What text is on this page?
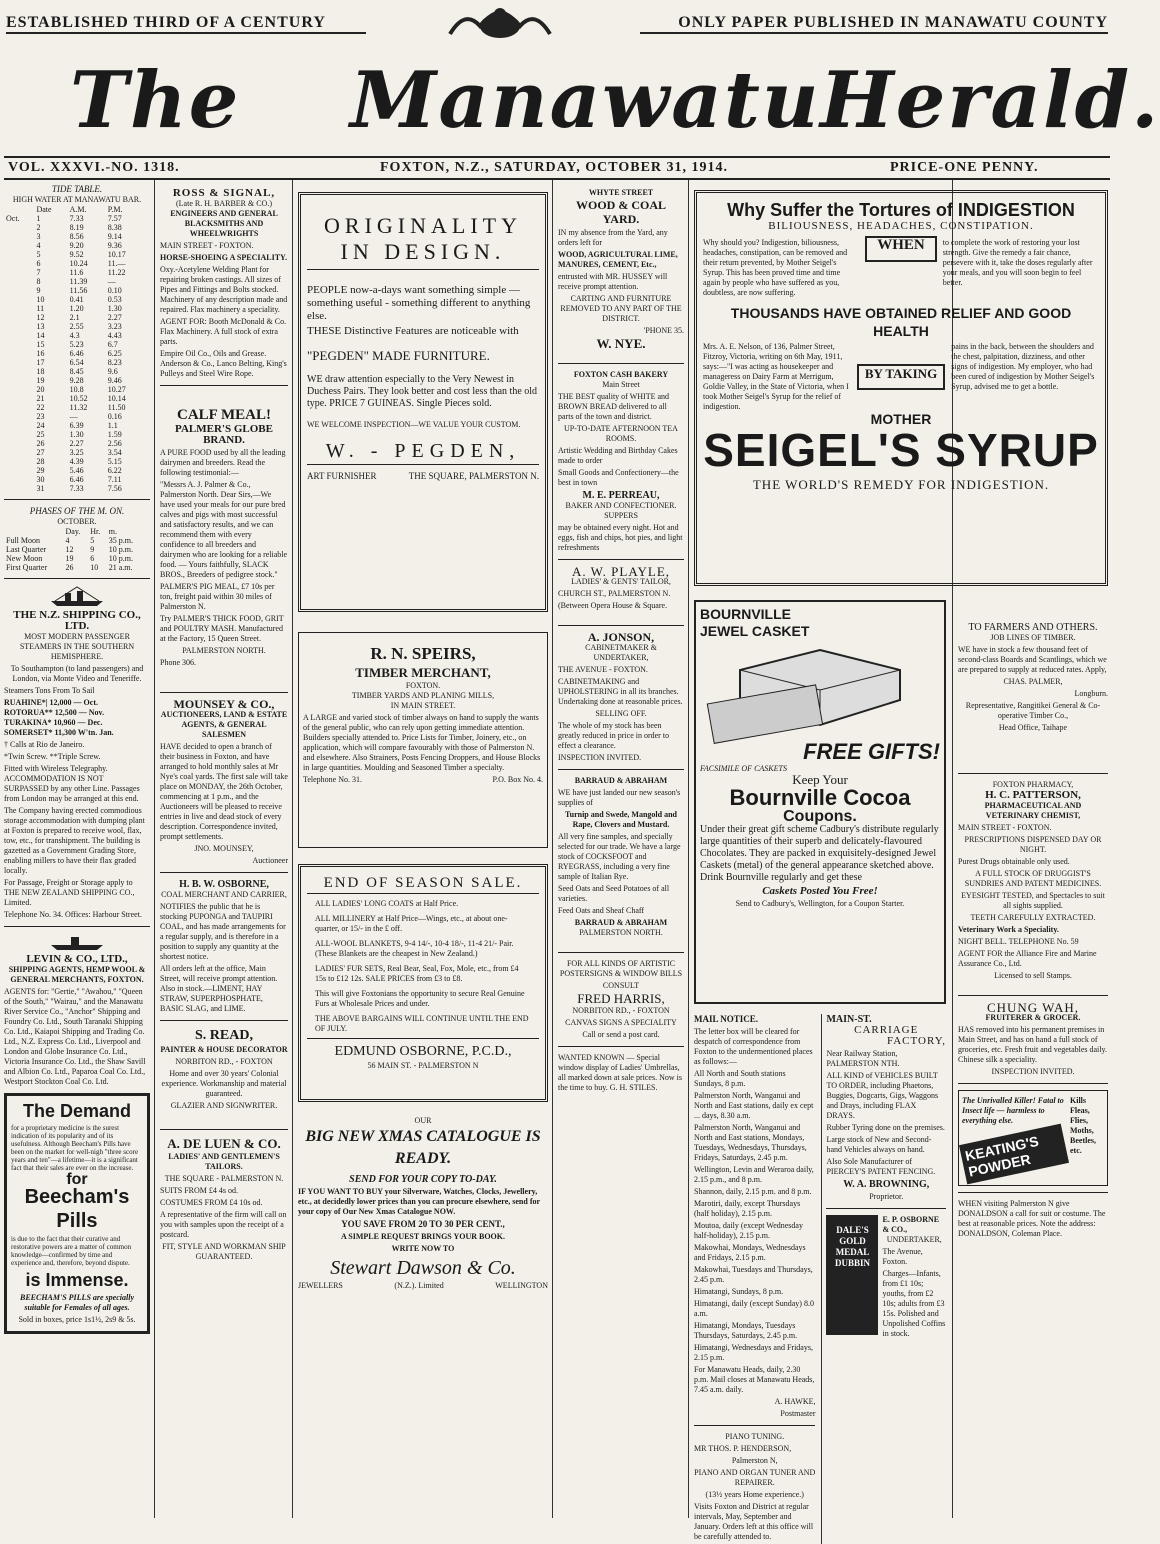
ESTABLISHED THIRD OF A CENTURY	ONLY PAPER PUBLISHED IN MANAWATU COUNTY
The Manawatu Herald.
VOL. XXXVI.-NO. 1318.	FOXTON, N.Z., SATURDAY, OCTOBER 31, 1914.	PRICE-ONE PENNY.
TIDE TABLE.
HIGH WATER AT MANAWATU BAR.
	Date	A.M.	P.M.
Oct.	1	7.33	7.57
	2	8.19	8.38
	3	8.56	9.14
	4	9.20	9.36
	5	9.52	10.17
	6	10.24	11.—
	7	11.6	11.22
	8	11.39	—
	9	11.56	0.10
	10	0.41	0.53
	11	1.20	1.30
	12	2.1	2.27
	13	2.55	3.23
	14	4.3	4.43
	15	5.23	6.7
	16	6.46	6.25
	17	6.54	8.23
	18	8.45	9.6
	19	9.28	9.46
	20	10.8	10.27
	21	10.52	10.14
	22	11.32	11.50
	23	—	0.16
	24	6.39	1.1
	25	1.30	1.59
	26	2.27	2.56
	27	3.25	3.54
	28	4.39	5.15
	29	5.46	6.22
	30	6.46	7.11
	31	7.33	7.56
PHASES OF THE M. ON.
OCTOBER.
	Day.	Hr.	m.
Full Moon	4	5	35 p.m.
Last Quarter	12	9	10 p.m.
New Moon	19	6	10 p.m.
First Quarter	26	10	21 a.m.
THE N.Z. SHIPPING CO., LTD.
MOST MODERN PASSENGER STEAMERS IN THE SOUTHERN HEMISPHERE.

To Southampton (to land passengers) and London, via Monte Video and Teneriffe.

Steamers Tons From To Sail

RUAHINE*| 12,000 — Oct.
ROTORUA** 12,500 — Nov.
TURAKINA* 10,960 — Dec.
SOMERSET* 11,300 W'tn. Jan.

† Calls at Rio de Janeiro.

*Twin Screw. **Triple Screw.

Fitted with Wireless Telegraphy. ACCOMMODATION IS NOT SURPASSED by any other Line. Passages from London may be arranged at this end.

The Company having erected commodious storage accommodation with dumping plant at Foxton is prepared to receive wool, flax, tow, etc., for transhipment. The building is gazetted as a Government Grading Store, enabling millers to have their flax graded locally.

For Passage, Freight or Storage apply to THE NEW ZEALAND SHIPPING CO., Limited.

Telephone No. 34. Offices: Harbour Street.

LEVIN & CO., LTD.,
SHIPPING AGENTS, HEMP WOOL & GENERAL MERCHANTS, FOXTON.

AGENTS for: "Gertie," "Awahou," "Queen of the South," "Wairau," and the Manawatu River Service Co., "Anchor" Shipping and Foundry Co. Ltd., South Taranaki Shipping Co. Ltd., Kaiapoi Shipping and Trading Co. Ltd., N.Z. Express Co. Ltd., Liverpool and London and Globe Insurance Co. Ltd., Victoria Insurance Co. Ltd., the Shaw Savill and Albion Co. Ltd., Paparoa Coal Co. Ltd., Westport Stockton Coal Co. Ltd.

The Demand

for a proprietary medicine is the surest indication of its popularity and of its usefulness. Although Beecham's Pills have been on the market for well-nigh "three score years and ten"—a lifetime—it is a significant fact that their sales are ever on the increase.

for
Beecham's Pills

is due to the fact that their curative and restorative powers are a matter of common knowledge—confirmed by time and experience and, therefore, beyond dispute.

is Immense.

BEECHAM'S PILLS are specially suitable for Females of all ages.

Sold in boxes, price 1s1½, 2s9 & 5s.

ROSS & SIGNAL,
(Late R. H. BARBER & CO.)
ENGINEERS AND GENERAL BLACKSMITHS AND WHEELWRIGHTS

MAIN STREET - FOXTON.

HORSE-SHOEING A SPECIALITY.

Oxy.-Acetylene Welding Plant for repairing broken castings. All sizes of Pipes and Fittings and Bolts stocked. Machinery of any description made and repaired. Flax machinery a speciality.

AGENT FOR: Booth McDonald & Co. Flax Machinery. A full stock of extra parts.

Empire Oil Co., Oils and Grease. Anderson & Co., Lanco Belting, King's Pulleys and Steel Wire Rope.

CALF MEAL!
PALMER'S GLOBE BRAND.

A PURE FOOD used by all the leading dairymen and breeders. Read the following testimonial:—

"Messrs A. J. Palmer & Co., Palmerston North. Dear Sirs,—We have used your meals for our pure bred calves and pigs with most successful and satisfactory results, and we can recommend them with every confidence to all breeders and dairymen who are looking for a reliable food. — Yours faithfully, SLACK BROS., Breeders of pedigree stock."

PALMER'S PIG MEAL, £7 10s per ton, freight paid within 30 miles of Palmerston N.

Try PALMER'S THICK FOOD, GRIT and POULTRY MASH. Manufactured at the Factory, 15 Queen Street.

PALMERSTON NORTH.

Phone 306.

MOUNSEY & CO.,
AUCTIONEERS, LAND & ESTATE AGENTS, & GENERAL SALESMEN

HAVE decided to open a branch of their business in Foxton, and have arranged to hold monthly sales at Mr Nye's coal yards. The first sale will take place on MONDAY, the 26th October, commencing at 1 p.m., and the Auctioneers will be pleased to receive entries in live and dead stock of every description. Correspondence invited, prompt settlements.

JNO. MOUNSEY,

Auctioneer

H. B. W. OSBORNE,
COAL MERCHANT AND CARRIER,

NOTIFIES the public that he is stocking PUPONGA and TAUPIRI COAL, and has made arrangements for a regular supply, and is therefore in a position to supply any quantity at the shortest notice.

All orders left at the office, Main Street, will receive prompt attention. Also in stock.—LIMENT, HAY STRAW, SUPERPHOSPHATE, BASIC SLAG, and LIME.

S. READ,
PAINTER & HOUSE DECORATOR

NORBITON RD., - FOXTON

Home and over 30 years' Colonial experience. Workmanship and material guaranteed.

GLAZIER AND SIGNWRITER.

A. DE LUEN & CO.
LADIES' AND GENTLEMEN'S TAILORS.

THE SQUARE - PALMERSTON N.

SUITS FROM £4 4s od.

COSTUMES FROM £4 10s od.

A representative of the firm will call on you with samples upon the receipt of a postcard.

FIT, STYLE AND WORKMAN SHIP GUARANTEED.

ORIGINALITY
IN DESIGN.

PEOPLE now-a-days want something simple — something useful - something different to anything else.

THESE Distinctive Features are noticeable with

"PEGDEN" MADE FURNITURE.

WE draw attention especially to the Very Newest in Duchess Pairs. They look better and cost less than the old type. PRICE 7 GUINEAS. Single Pieces sold.

WE WELCOME INSPECTION—WE VALUE YOUR CUSTOM.

W. - PEGDEN,
ART FURNISHER	THE SQUARE, PALMERSTON N.
R. N. SPEIRS,
TIMBER MERCHANT,
FOXTON.
TIMBER YARDS AND PLANING MILLS,
IN MAIN STREET.

A LARGE and varied stock of timber always on hand to supply the wants of the general public, who can rely upon getting immediate attention. Builders specially attended to. Price Lists for Timber, Joinery, etc., on application, which will compare favourably with those of Palmerston N. and elsewhere. Also Strainers, Posts Fencing Droppers, and House Blocks in large quantities. Moulding and Seasoned Timber a specialty.

Telephone No. 31.	P.O. Box No. 4.
END OF SEASON SALE.

ALL LADIES' LONG COATS at Half Price.

ALL MILLINERY at Half Price—Wings, etc., at about one-quarter, or 15/- in the £ off.

ALL-WOOL BLANKETS, 9-4 14/-, 10-4 18/-, 11-4 21/- Pair. (These Blankets are the cheapest in New Zealand.)

LADIES' FUR SETS, Real Bear, Seal, Fox, Mole, etc., from £4 15s to £12 12s. SALE PRICES from £3 to £8.

This will give Foxtonians the opportunity to secure Real Genuine Furs at Wholesale Prices and under.

THE ABOVE BARGAINS WILL CONTINUE UNTIL THE END OF JULY.

EDMUND OSBORNE, P.C.D.,
56 MAIN ST. - PALMERSTON N
OUR
BIG NEW XMAS CATALOGUE IS READY.
SEND FOR YOUR COPY TO-DAY.

IF YOU WANT TO BUY your Silverware, Watches, Clocks, Jewellery, etc., at decidedly lower prices than you can procure elsewhere, send for your copy of Our New Xmas Catalogue NOW.

YOU SAVE FROM 20 TO 30 PER CENT.,

A SIMPLE REQUEST BRINGS YOUR BOOK.

WRITE NOW TO

Stewart Dawson & Co.
JEWELLERS	(N.Z.). Limited	WELLINGTON
WHYTE STREET
WOOD & COAL YARD.

IN my absence from the Yard, any orders left for

WOOD, AGRICULTURAL LIME, MANURES, CEMENT, Etc.,

entrusted with MR. HUSSEY will receive prompt attention.

CARTING AND FURNITURE REMOVED TO ANY PART OF THE DISTRICT.

'PHONE 35.

W. NYE.
FOXTON CASH BAKERY
Main Street

THE BEST quality of WHITE and BROWN BREAD delivered to all parts of the town and district.

UP-TO-DATE AFTERNOON TEA ROOMS.

Artistic Wedding and Birthday Cakes made to order

Small Goods and Confectionery—the best in town

M. E. PERREAU,
BAKER AND CONFECTIONER.
SUPPERS

may be obtained every night. Hot and eggs, fish and chips, hot pies, and light refreshments

A. W. PLAYLE,
LADIES' & GENTS' TAILOR,

CHURCH ST., PALMERSTON N.

(Between Opera House & Square.

A. JONSON,
CABINETMAKER & UNDERTAKER,

THE AVENUE - FOXTON.

CABINETMAKING and UPHOLSTERING in all its branches. Undertaking done at reasonable prices.

SELLING OFF.

The whole of my stock has been greatly reduced in price in order to effect a clearance.

INSPECTION INVITED.

BARRAUD & ABRAHAM

WE have just landed our new season's supplies of

Turnip and Swede, Mangold and Rape, Clovers and Mustard.

All very fine samples, and specially selected for our trade. We have a large stock of COCKSFOOT and RYEGRASS, including a very fine sample of Italian Rye.

Seed Oats and Seed Potatoes of all varieties.

Feed Oats and Sheaf Chaff

BARRAUD & ABRAHAM
PALMERSTON NORTH.

FOR ALL KINDS OF ARTISTIC POSTERSIGNS & WINDOW BILLS

CONSULT

FRED HARRIS,

NORBITON RD., - FOXTON

CANVAS SIGNS A SPECIALITY

Call or send a post card.

WANTED KNOWN — Special window display of Ladies' Umbrellas, all marked down at sale prices. Now is the time to buy. G. H. STILES.

Why Suffer the Tortures of INDIGESTION
BILIOUSNESS, HEADACHES, CONSTIPATION.

Why should you? Indigestion, biliousness, headaches, constipation, can be removed and their return prevented, by Mother Seigel's Syrup. This has been proved time and time again by people who have suffered as you, doubtless, are now suffering.

WHEN	to complete the work of restoring your lost strength. Give the remedy a fair chance, persevere with it, take the doses regularly after your meals, and you will soon begin to feel better.

THOUSANDS HAVE OBTAINED RELIEF AND GOOD HEALTH

Mrs. A. E. Nelson, of 136, Palmer Street, Fitzroy, Victoria, writing on 6th May, 1911, says:—"I was acting as housekeeper and manageress on Dairy Farm at Merrigum, Goldie Valley, in the State of Victoria, when I took Mother Seigel's Syrup for the relief of indigestion.

BY TAKING

pains in the back, between the shoulders and the chest, palpitation, dizziness, and other signs of indigestion. My employer, who had been cured of indigestion by Mother Seigel's Syrup, advised me to get a bottle.

MOTHER
SEIGEL'S SYRUP
THE WORLD'S REMEDY FOR INDIGESTION.
BOURNVILLE JEWEL CASKET
FREE GIFTS!
FACSIMILE OF CASKETS
Keep Your
Bournville Cocoa
Coupons.

Under their great gift scheme Cadbury's distribute regularly large quantities of their superb and delicately-flavoured Chocolates. They are packed in exquisitely-designed Jewel Caskets (metal) of the general appearance sketched above. Drink Bournville regularly and get these

Caskets Posted You Free!

Send to Cadbury's, Wellington, for a Coupon Starter.

MAIL NOTICE.

The letter box will be cleared for despatch of correspondence from Foxton to the undermentioned places as follows:—

All North and South stations Sundays, 8 p.m.

Palmerston North, Wanganui and North and East stations, daily ex cept ... days, 8.30 a.m.

Palmerston North, Wanganui and North and East stations, Mondays, Tuesdays, Wednesdays, Thursdays, Fridays, Saturdays, 2.45 p.m.

Wellington, Levin and Weraroa daily, 2.15 p.m., and 8 p.m.

Shannon, daily, 2.15 p.m. and 8 p.m.

Marotiri, daily, except Thursdays (half holiday), 2.15 p.m.

Moutoa, daily (except Wednesday half-holiday), 2.15 p.m.

Makowhai, Mondays, Wednesdays and Fridays, 2.15 p.m.

Makowhai, Tuesdays and Thursdays, 2.45 p.m.

Himatangi, Sundays, 8 p.m.

Himatangi, daily (except Sunday) 8.0 a.m.

Himatangi, Mondays, Tuesdays Thursdays, Saturdays, 2.45 p.m.

Himatangi, Wednesdays and Fridays, 2.15 p.m.

For Manawatu Heads, daily, 2.30 p.m. Mail closes at Manawatu Heads, 7.45 a.m. daily.

A. HAWKE,

Postmaster

PIANO TUNING.

MR THOS. P. HENDERSON,

Palmerston N,

PIANO AND ORGAN TUNER AND REPAIRER.

(13½ years Home experience.)

Visits Foxton and District at regular intervals, May, September and January. Orders left at this office will be carefully attended to.

MAIN-ST.
CARRIAGE
FACTORY,

Near Railway Station, PALMERSTON NTH.

ALL KIND of VEHICLES BUILT TO ORDER, including Phaetons, Buggies, Dogcarts, Gigs, Waggons and Drays, including FLAX DRAYS.

Rubber Tyring done on the premises.

Large stock of New and Second-hand Vehicles always on hand.

Also Sole Manufacturer of PIERCEY'S PATENT FENCING.

W. A. BROWNING,

Proprietor.

DALE'S GOLD MEDAL DUBBIN
E. P. OSBORNE & CO.,
UNDERTAKER,

The Avenue, Foxton.

Charges—Infants, from £1 10s; youths, from £2 10s; adults from £3 15s. Polished and Unpolished Coffins in stock.

TO FARMERS AND OTHERS.
JOB LINES OF TIMBER.

WE have in stock a few thousand feet of second-class Boards and Scantlings, which we are prepared to supply at reduced rates. Apply,

CHAS. PALMER,

Longburn.

Representative, Rangitikei General & Co-operative Timber Co.,

Head Office, Taihape

FOXTON PHARMACY,
H. C. PATTERSON,
PHARMACEUTICAL AND VETERINARY CHEMIST,

MAIN STREET - FOXTON.

PRESCRIPTIONS DISPENSED DAY OR NIGHT.

Purest Drugs obtainable only used.

A FULL STOCK OF DRUGGIST'S SUNDRIES AND PATENT MEDICINES.

EYESIGHT TESTED, and Spectacles to suit all sights supplied.

TEETH CAREFULLY EXTRACTED.

Veterinary Work a Speciality.

NIGHT BELL. TELEPHONE No. 59

AGENT FOR the Alliance Fire and Marine Assurance Co., Ltd.

Licensed to sell Stamps.

CHUNG WAH,
FRUITERER & GROCER.

HAS removed into his permanent premises in Main Street, and has on hand a full stock of groceries, etc. Fresh fruit and vegetables daily. Chinese silk a speciality.

INSPECTION INVITED.

The Unrivalled Killer! Fatal to Insect life — harmless to everything else.

KEATING'S POWDER

Kills Fleas, Flies, Moths, Beetles, etc.

WHEN visiting Palmerston N give DONALDSON a call for suit or costume. The best at reasonable prices. Note the address: DONALDSON, Coleman Place.
